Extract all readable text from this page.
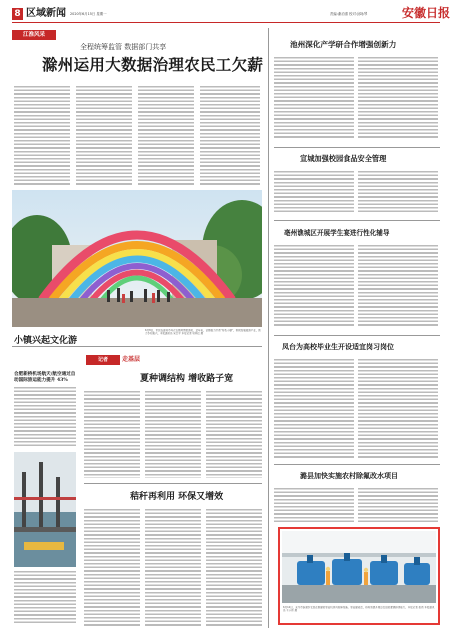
8 区域新闻 2020年6月15日 星期一	责编:谢治淮 校对:邱咏琴	安徽日报
江淮风采
全程统筹监管 数据部门共享
滁州运用大数据治理农民工欠薪
6月8日，市民在滁州市乌衣古镇风情街游玩，近年来，该镇着力打造“特色小镇”，积极发展旅游产业，助力乡村振兴。本报通讯员 宋卫平 本报记者 吴林红 摄
小镇兴起文化游
合肥新桥机场航天/航空通过自动国际旅运能力提升 43%
记者	走基层
夏种调结构 增收路子宽
秸秆再利用 环保又增效
池州深化产学研合作增强创新力
宣城加强校园食品安全管理
亳州谯城区开展学生宴进行性化辅导
凤台为高校毕业生开设适宜岗习岗位
潞县加快实施农村除氟改水项目
6月12日，无为市滨湖乡农民在新建的泵站机房内检修设备。泵站建成后，将有效提升周边农田的灌溉排涝能力。本报记者 张劲 本报通讯员 王小伟 摄
